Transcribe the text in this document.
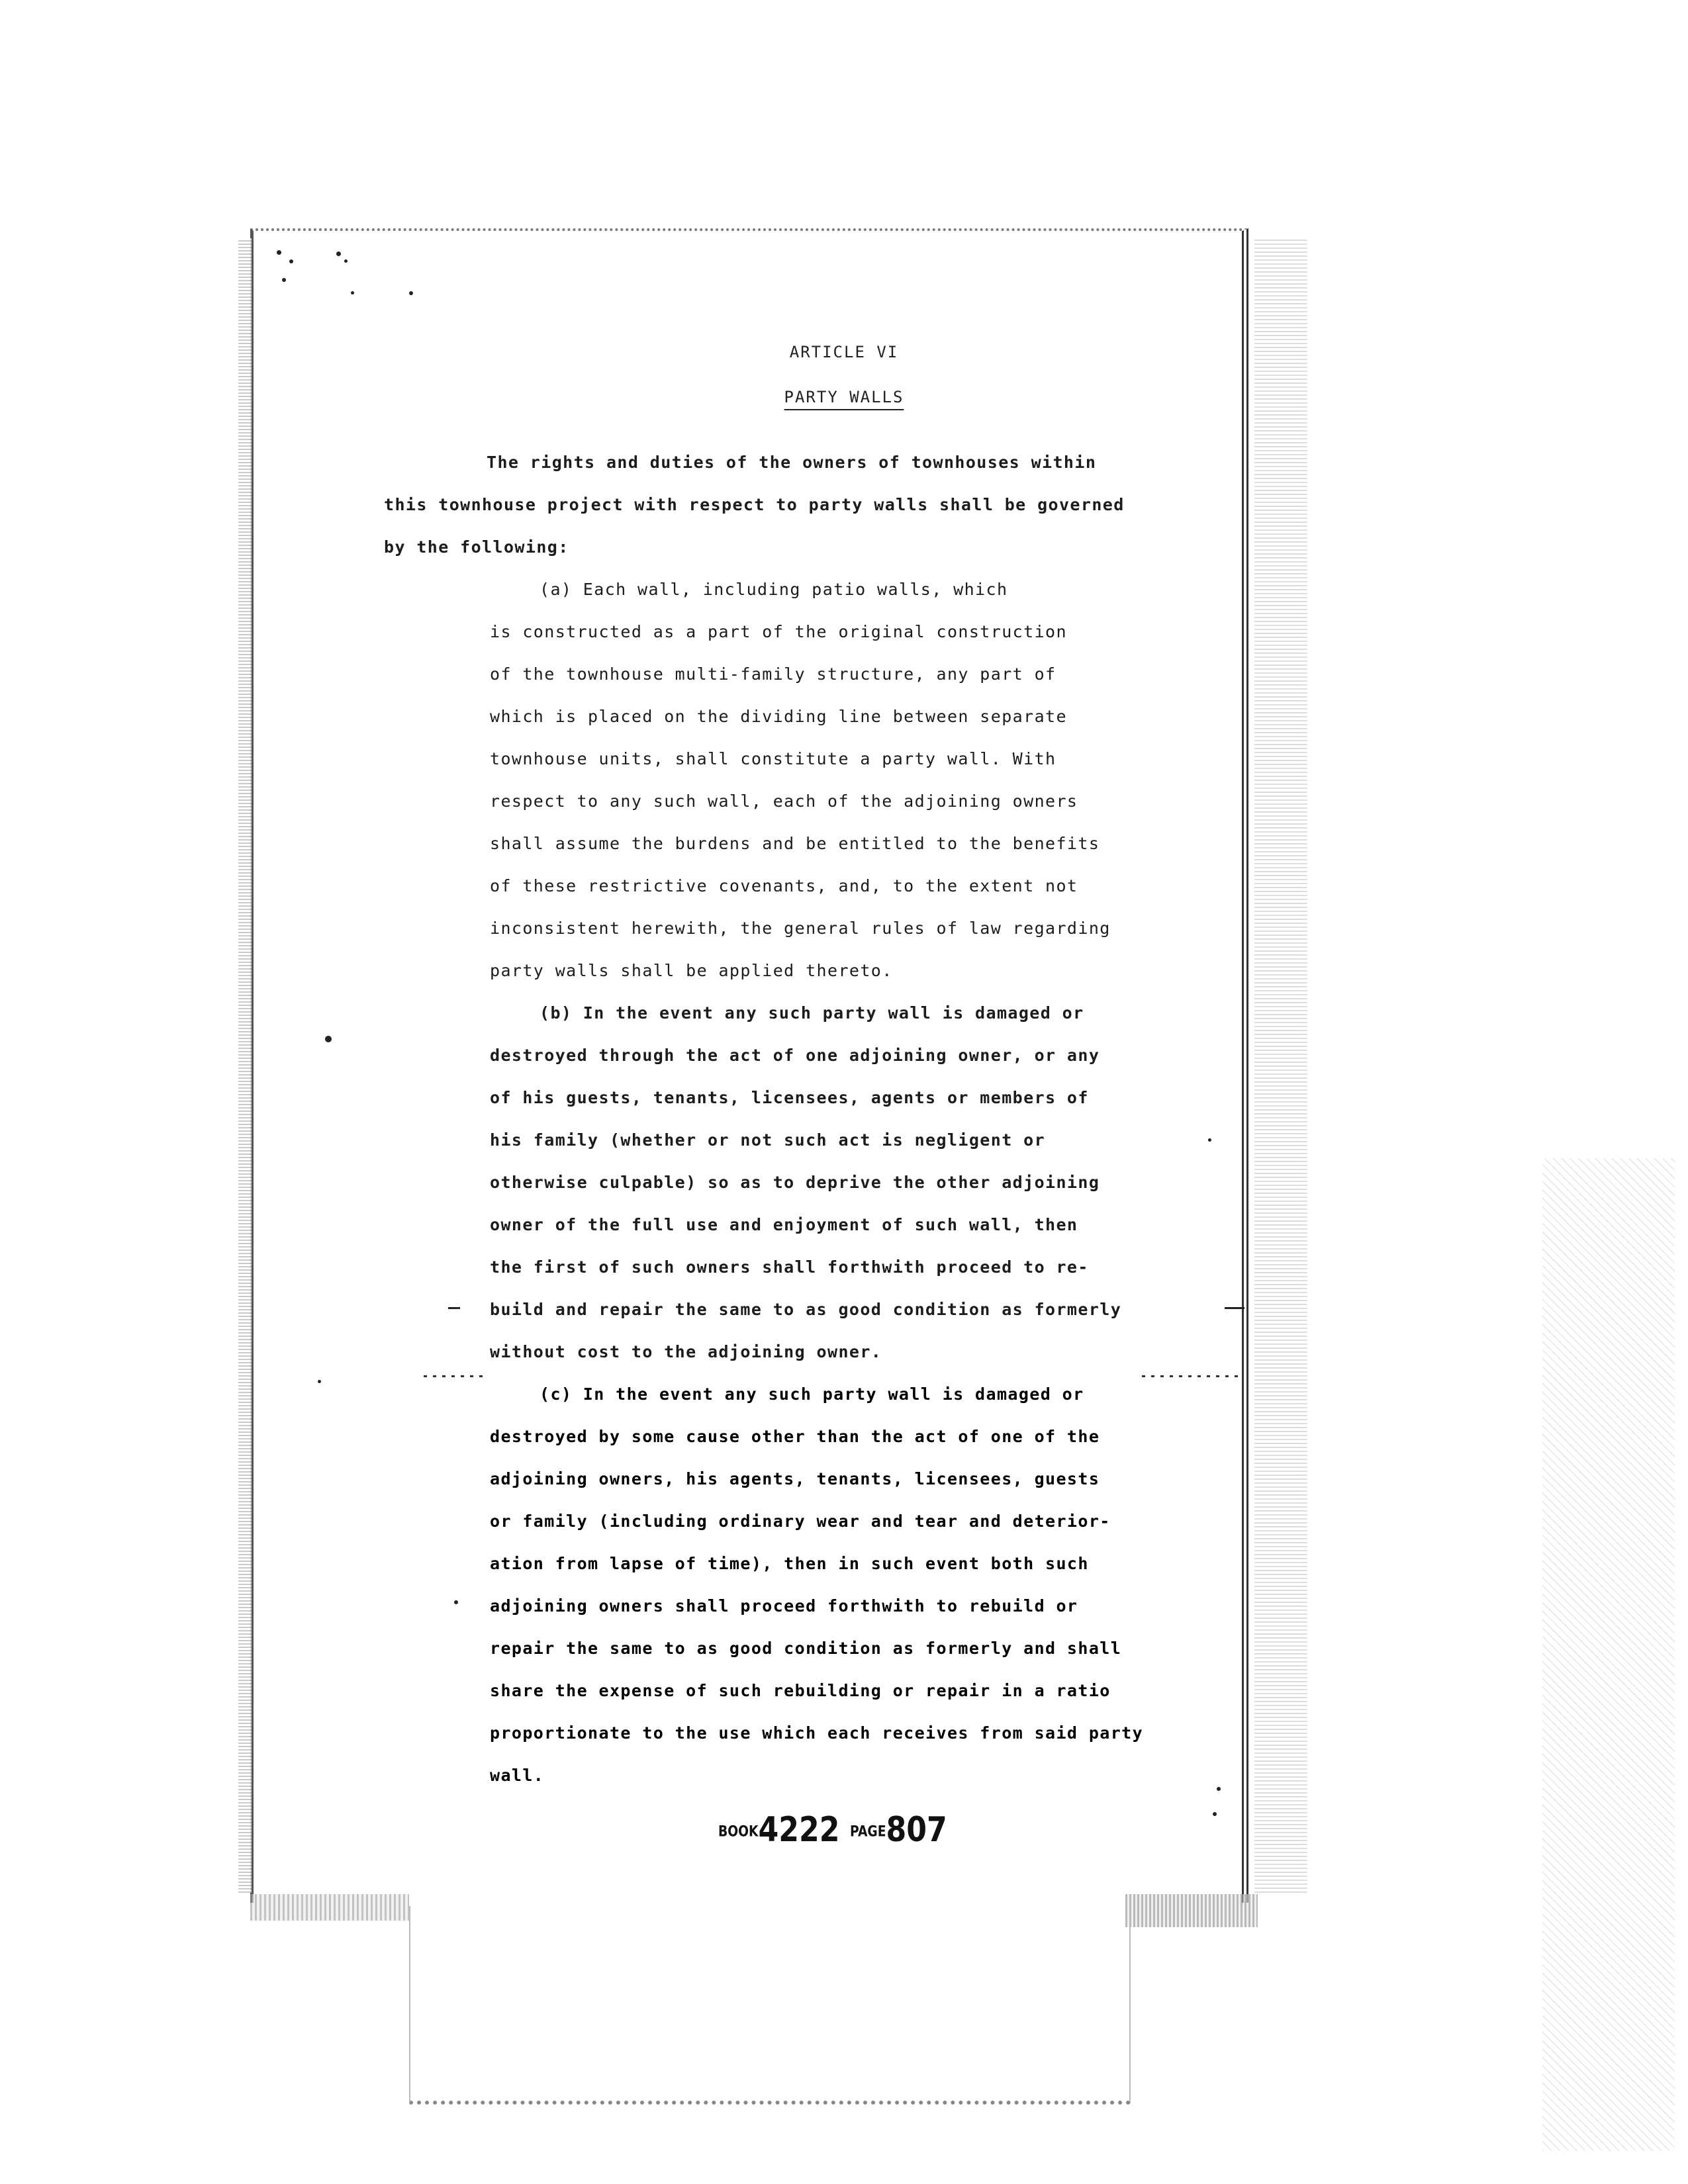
ARTICLE VI
PARTY WALLS
The rights and duties of the owners of townhouses within
this townhouse project with respect to party walls shall be governed
by the following:
(a) Each wall, including patio walls, which
is constructed as a part of the original construction
of the townhouse multi-family structure, any part of
which is placed on the dividing line between separate
townhouse units, shall constitute a party wall. With
respect to any such wall, each of the adjoining owners
shall assume the burdens and be entitled to the benefits
of these restrictive covenants, and, to the extent not
inconsistent herewith, the general rules of law regarding
party walls shall be applied thereto.
(b) In the event any such party wall is damaged or
destroyed through the act of one adjoining owner, or any
of his guests, tenants, licensees, agents or members of
his family (whether or not such act is negligent or
otherwise culpable) so as to deprive the other adjoining
owner of the full use and enjoyment of such wall, then
the first of such owners shall forthwith proceed to re-
build and repair the same to as good condition as formerly
without cost to the adjoining owner.
(c) In the event any such party wall is damaged or
destroyed by some cause other than the act of one of the
adjoining owners, his agents, tenants, licensees, guests
or family (including ordinary wear and tear and deterior-
ation from lapse of time), then in such event both such
adjoining owners shall proceed forthwith to rebuild or
repair the same to as good condition as formerly and shall
share the expense of such rebuilding or repair in a ratio
proportionate to the use which each receives from said party
wall.
BOOK4222 PAGE807
